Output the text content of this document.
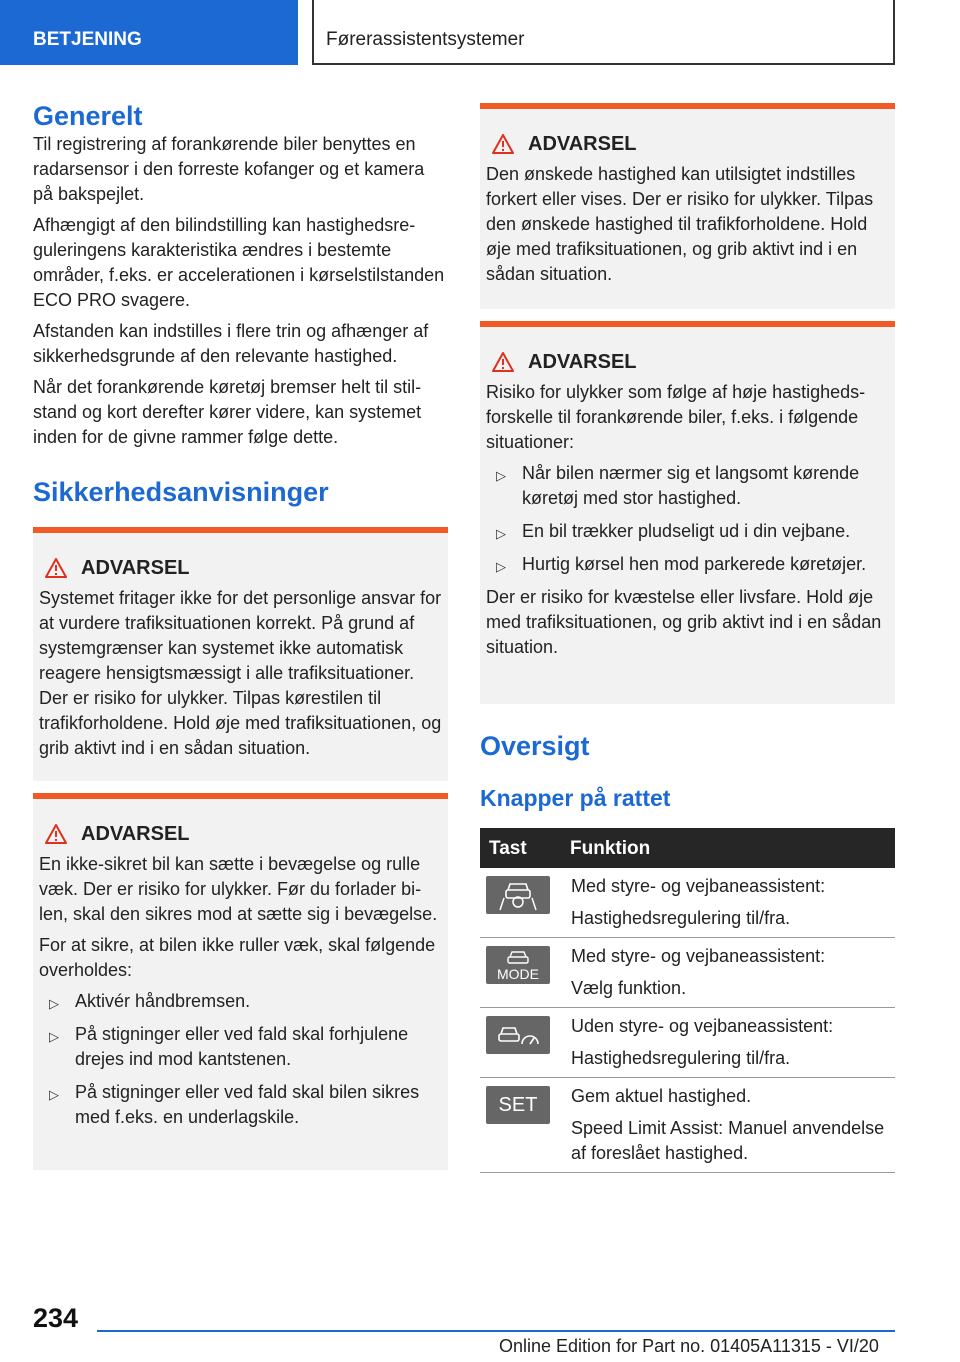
BETJENING	Førerassistentsystemer
Generelt

Til registrering af forankørende biler benyttes en radarsensor i den forreste kofanger og et kamera på bakspejlet.

Afhængigt af den bilindstilling kan hastighedsreguleringens karakteristika ændres i bestemte områder, f.eks. er accelerationen i kørselstilstanden ECO PRO svagere.

Afstanden kan indstilles i flere trin og afhænger af sikkerhedsgrunde af den relevante hastighed.

Når det forankørende køretøj bremser helt til stilstand og kort derefter kører videre, kan systemet inden for de givne rammer følge dette.

Sikkerhedsanvisninger
ADVARSEL

Systemet fritager ikke for det personlige ansvar for at vurdere trafiksituationen korrekt. På grund af systemgrænser kan systemet ikke automatisk reagere hensigtsmæssigt i alle trafiksituationer. Der er risiko for ulykker. Tilpas kørestilen til trafikforholdene. Hold øje med trafiksituationen, og grib aktivt ind i en sådan situation.

ADVARSEL

En ikke-sikret bil kan sætte i bevægelse og rulle væk. Der er risiko for ulykker. Før du forlader bilen, skal den sikres mod at sætte sig i bevægelse.

For at sikre, at bilen ikke ruller væk, skal følgende overholdes:

▷ Aktivér håndbremsen.
▷ På stigninger eller ved fald skal forhjulene drejes ind mod kantstenen.
▷ På stigninger eller ved fald skal bilen sikres med f.eks. en underlagskile.
ADVARSEL

Den ønskede hastighed kan utilsigtet indstilles forkert eller vises. Der er risiko for ulykker. Tilpas den ønskede hastighed til trafikforholdene. Hold øje med trafiksituationen, og grib aktivt ind i en sådan situation.

ADVARSEL

Risiko for ulykker som følge af høje hastighedsforskelle til forankørende biler, f.eks. i følgende situationer:

▷ Når bilen nærmer sig et langsomt kørende køretøj med stor hastighed.
▷ En bil trækker pludseligt ud i din vejbane.
▷ Hurtig kørsel hen mod parkerede køretøjer.

Der er risiko for kvæstelse eller livsfare. Hold øje med trafiksituationen, og grib aktivt ind i en sådan situation.

Oversigt
Knapper på rattet
Tast	Funktion

Med styre- og vejbaneassistent:
Hastighedsregulering til/fra.

MODE	Med styre- og vejbaneassistent:
Vælg funktion.

Uden styre- og vejbaneassistent:
Hastighedsregulering til/fra.

SET	Gem aktuel hastighed.
Speed Limit Assist: Manuel anvendelse af foreslået hastighed.
234
Online Edition for Part no. 01405A11315 - VI/20
